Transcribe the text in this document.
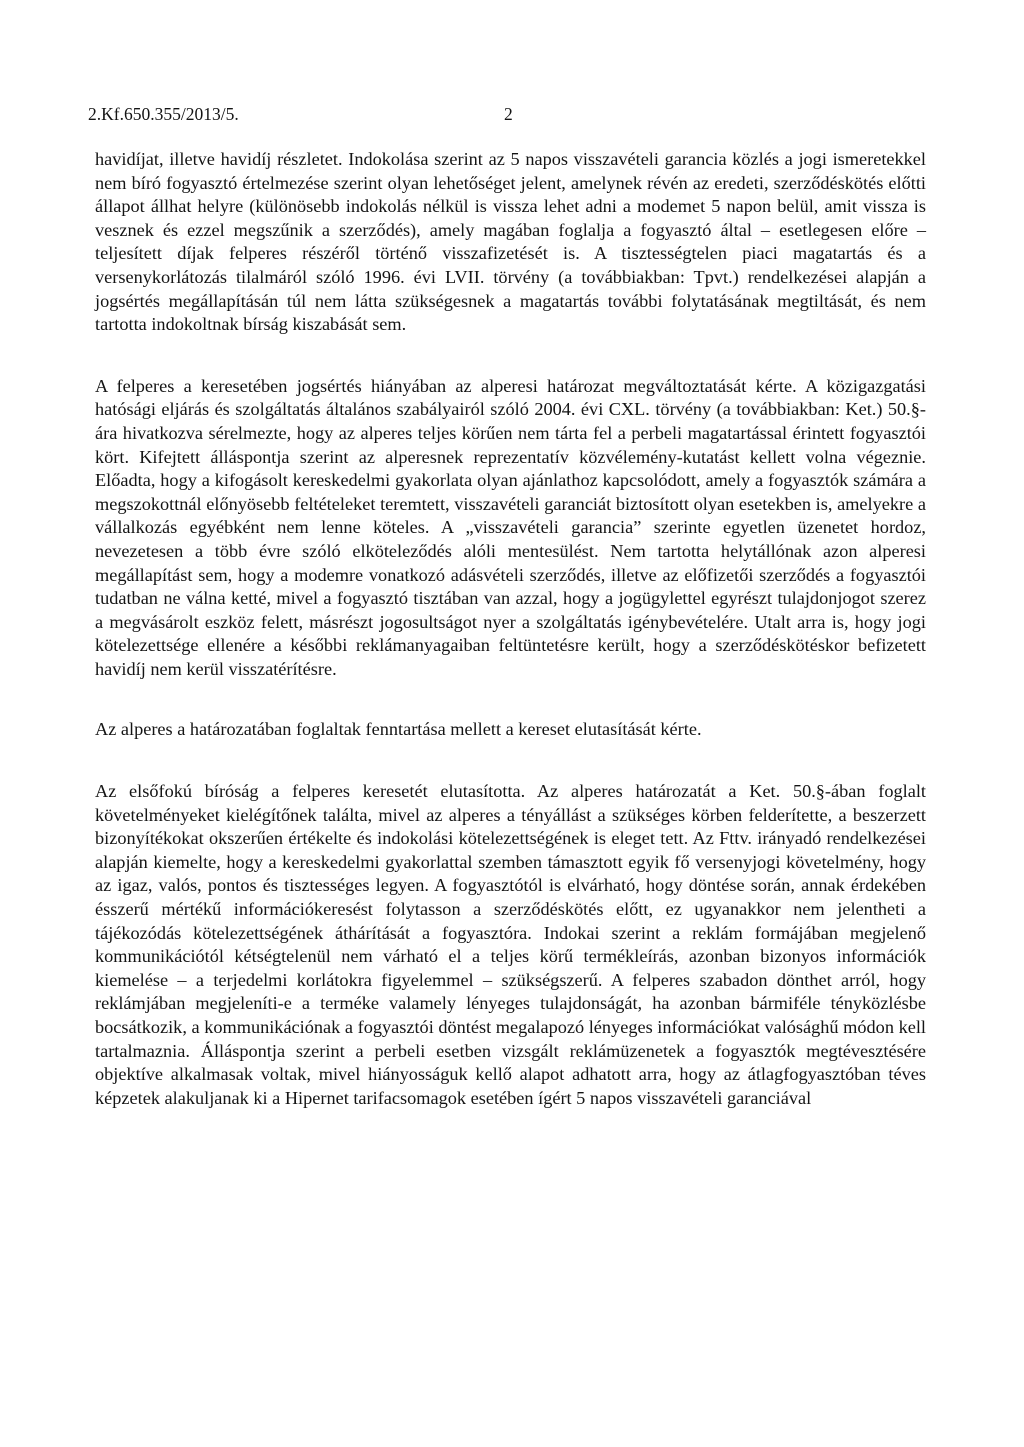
2.Kf.650.355/2013/5.	2

havidíjat, illetve havidíj részletet. Indokolása szerint az 5 napos visszavételi garancia közlés a jogi ismeretekkel nem bíró fogyasztó értelmezése szerint olyan lehetőséget jelent, amelynek révén az eredeti, szerződéskötés előtti állapot állhat helyre (különösebb indokolás nélkül is vissza lehet adni a modemet 5 napon belül, amit vissza is vesznek és ezzel megszűnik a szerződés), amely magában foglalja a fogyasztó által – esetlegesen előre – teljesített díjak felperes részéről történő visszafizetését is. A tisztességtelen piaci magatartás és a versenykorlátozás tilalmáról szóló 1996. évi LVII. törvény (a továbbiakban: Tpvt.) rendelkezései alapján a jogsértés megállapításán túl nem látta szükségesnek a magatartás további folytatásának megtiltását, és nem tartotta indokoltnak bírság kiszabását sem.

A felperes a keresetében jogsértés hiányában az alperesi határozat megváltoztatását kérte. A közigazgatási hatósági eljárás és szolgáltatás általános szabályairól szóló 2004. évi CXL. törvény (a továbbiakban: Ket.) 50.§-ára hivatkozva sérelmezte, hogy az alperes teljes körűen nem tárta fel a perbeli magatartással érintett fogyasztói kört. Kifejtett álláspontja szerint az alperesnek reprezentatív közvélemény-kutatást kellett volna végeznie. Előadta, hogy a kifogásolt kereskedelmi gyakorlata olyan ajánlathoz kapcsolódott, amely a fogyasztók számára a megszokottnál előnyösebb feltételeket teremtett, visszavételi garanciát biztosított olyan esetekben is, amelyekre a vállalkozás egyébként nem lenne köteles. A „visszavételi garancia” szerinte egyetlen üzenetet hordoz, nevezetesen a több évre szóló elköteleződés alóli mentesülést. Nem tartotta helytállónak azon alperesi megállapítást sem, hogy a modemre vonatkozó adásvételi szerződés, illetve az előfizetői szerződés a fogyasztói tudatban ne válna ketté, mivel a fogyasztó tisztában van azzal, hogy a jogügylettel egyrészt tulajdonjogot szerez a megvásárolt eszköz felett, másrészt jogosultságot nyer a szolgáltatás igénybevételére. Utalt arra is, hogy jogi kötelezettsége ellenére a későbbi reklámanyagaiban feltüntetésre került, hogy a szerződéskötéskor befizetett havidíj nem kerül visszatérítésre.

Az alperes a határozatában foglaltak fenntartása mellett a kereset elutasítását kérte.

Az elsőfokú bíróság a felperes keresetét elutasította. Az alperes határozatát a Ket. 50.§-ában foglalt követelményeket kielégítőnek találta, mivel az alperes a tényállást a szükséges körben felderítette, a beszerzett bizonyítékokat okszerűen értékelte és indokolási kötelezettségének is eleget tett. Az Fttv. irányadó rendelkezései alapján kiemelte, hogy a kereskedelmi gyakorlattal szemben támasztott egyik fő versenyjogi követelmény, hogy az igaz, valós, pontos és tisztességes legyen. A fogyasztótól is elvárható, hogy döntése során, annak érdekében ésszerű mértékű információkeresést folytasson a szerződéskötés előtt, ez ugyanakkor nem jelentheti a tájékozódás kötelezettségének áthárítását a fogyasztóra. Indokai szerint a reklám formájában megjelenő kommunikációtól kétségtelenül nem várható el a teljes körű termékleírás, azonban bizonyos információk kiemelése – a terjedelmi korlátokra figyelemmel – szükségszerű. A felperes szabadon dönthet arról, hogy reklámjában megjeleníti-e a terméke valamely lényeges tulajdonságát, ha azonban bármiféle tényközlésbe bocsátkozik, a kommunikációnak a fogyasztói döntést megalapozó lényeges információkat valósághű módon kell tartalmaznia. Álláspontja szerint a perbeli esetben vizsgált reklámüzenetek a fogyasztók megtévesztésére objektíve alkalmasak voltak, mivel hiányosságuk kellő alapot adhatott arra, hogy az átlagfogyasztóban téves képzetek alakuljanak ki a Hipernet tarifacsomagok esetében ígért 5 napos visszavételi garanciával
